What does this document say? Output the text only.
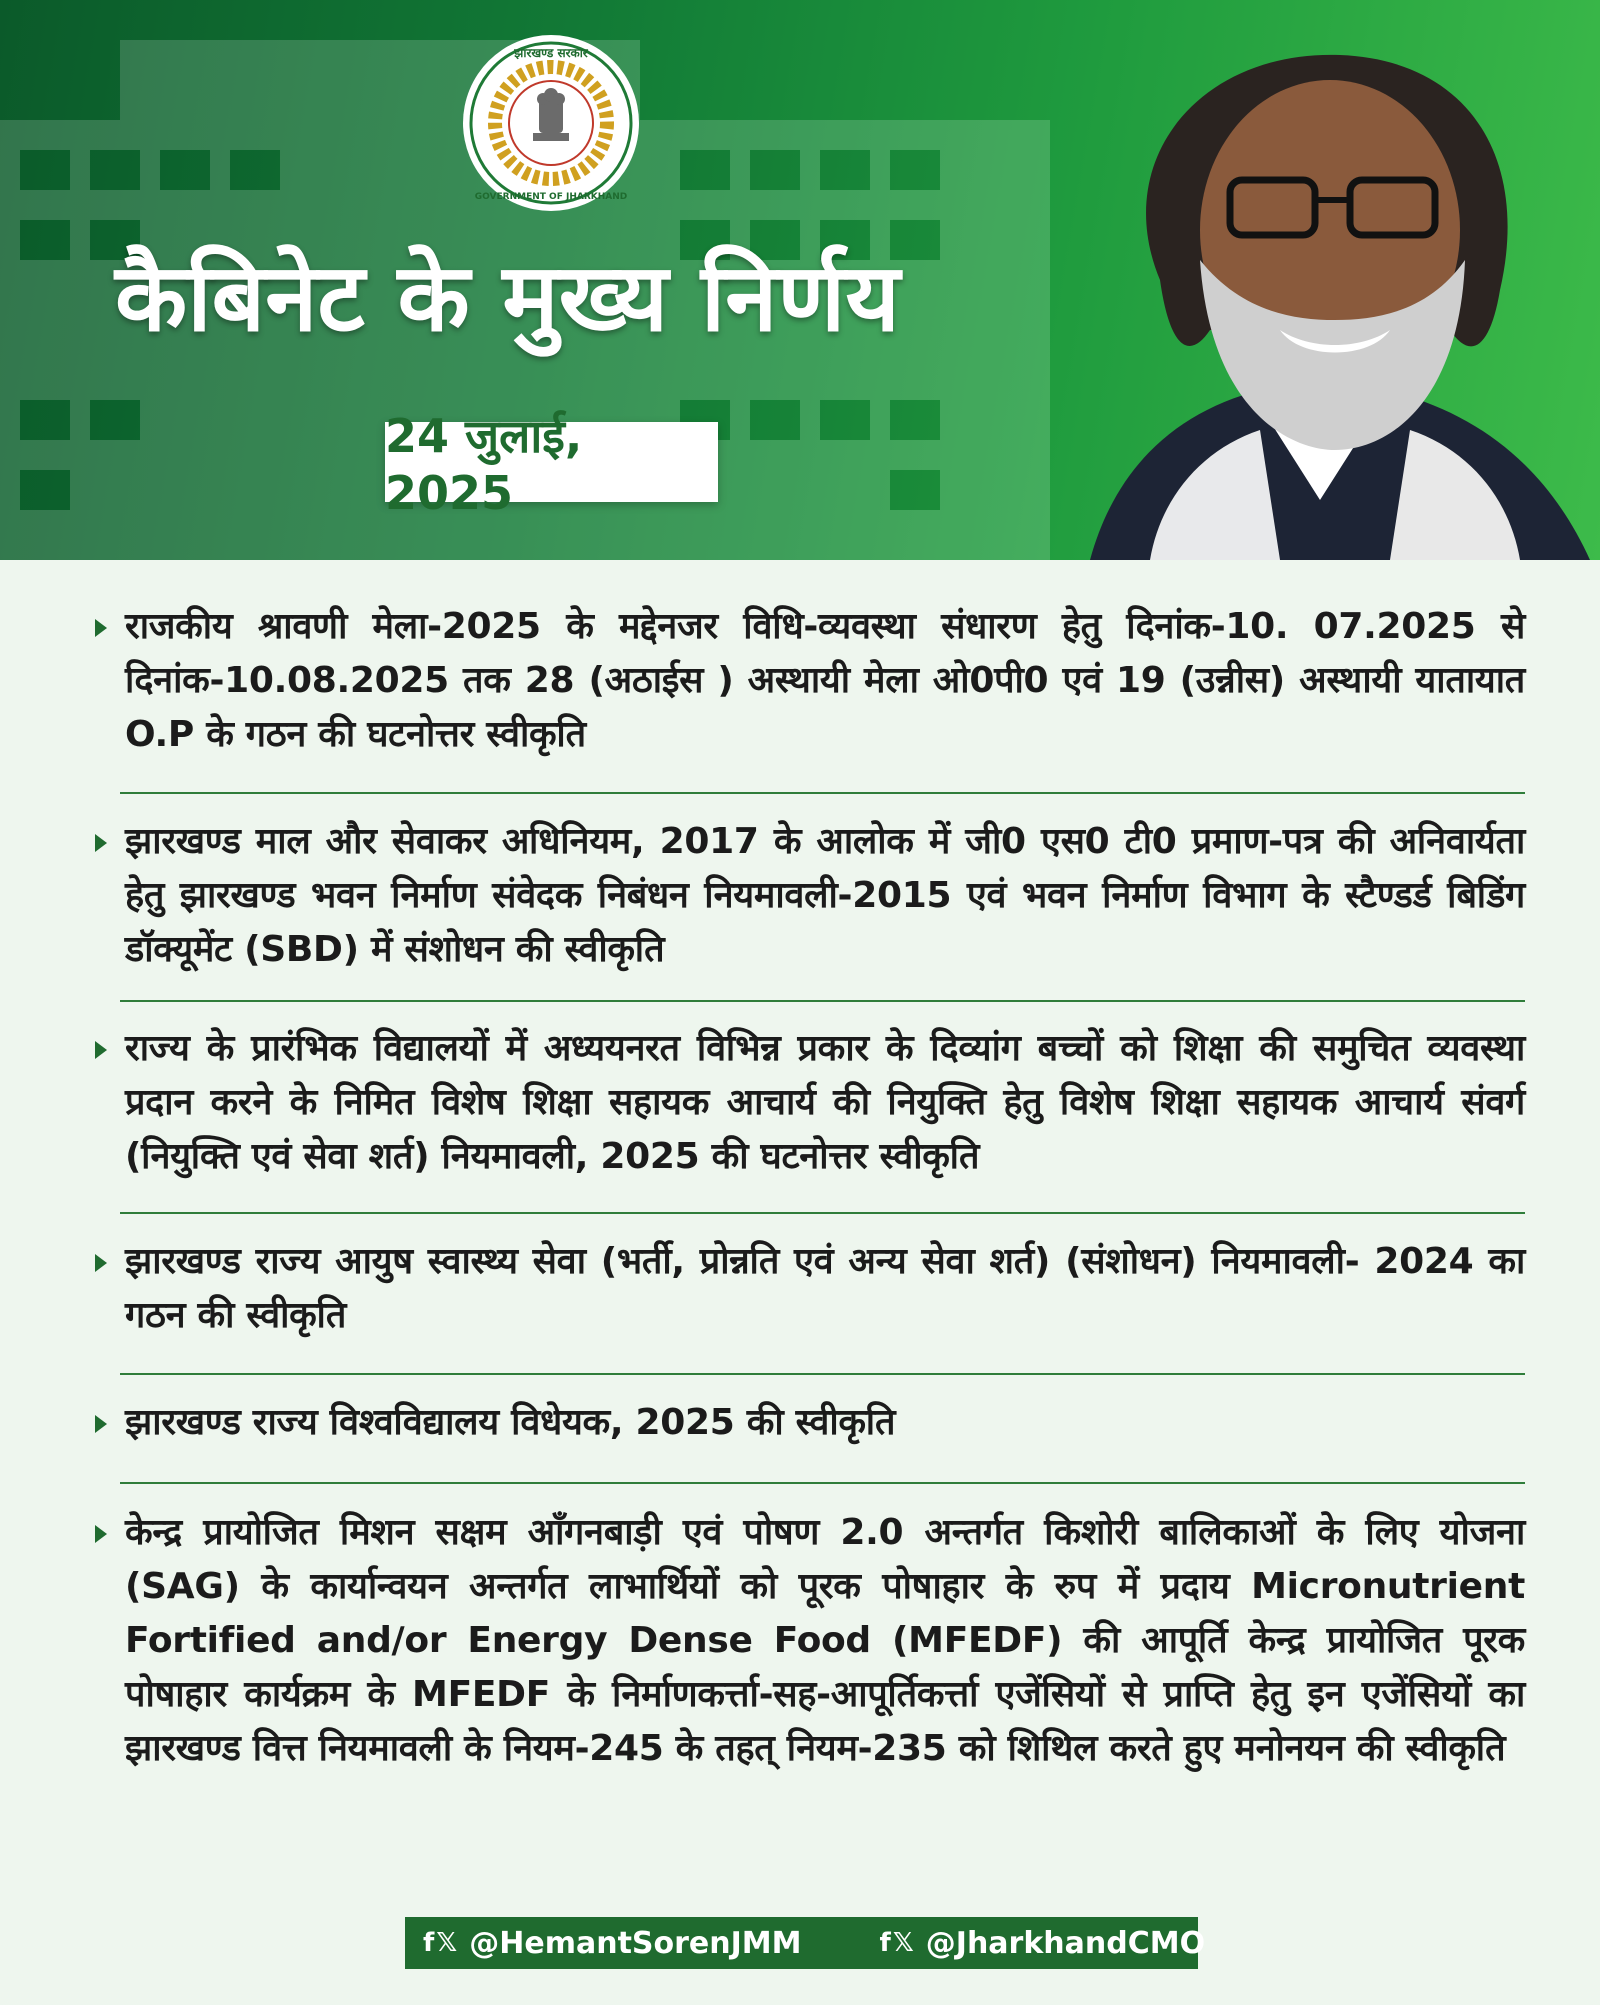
झारखण्ड सरकार
GOVERNMENT OF JHARKHAND
कैबिनेट के मुख्य निर्णय
24 जुलाई, 2025
राजकीय श्रावणी मेला-2025 के मद्देनजर विधि-व्यवस्था संधारण हेतु दिनांक-10. 07.2025 से दिनांक-10.08.2025 तक 28 (अठाईस ) अस्थायी मेला ओ0पी0 एवं 19 (उन्नीस) अस्थायी यातायात O.P के गठन की घटनोत्तर स्वीकृति
झारखण्ड माल और सेवाकर अधिनियम, 2017 के आलोक में जी0 एस0 टी0 प्रमाण-पत्र की अनिवार्यता हेतु झारखण्ड भवन निर्माण संवेदक निबंधन नियमावली-2015 एवं भवन निर्माण विभाग के स्टैण्डर्ड बिडिंग डॉक्यूमेंट (SBD) में संशोधन की स्वीकृति
राज्य के प्रारंभिक विद्यालयों में अध्ययनरत विभिन्न प्रकार के दिव्यांग बच्चों को शिक्षा की समुचित व्यवस्था प्रदान करने के निमित विशेष शिक्षा सहायक आचार्य की नियुक्ति हेतु विशेष शिक्षा सहायक आचार्य संवर्ग (नियुक्ति एवं सेवा शर्त) नियमावली, 2025 की घटनोत्तर स्वीकृति
झारखण्ड राज्य आयुष स्वास्थ्य सेवा (भर्ती, प्रोन्नति एवं अन्य सेवा शर्त) (संशोधन) नियमावली- 2024 का गठन की स्वीकृति
झारखण्ड राज्य विश्वविद्यालय विधेयक, 2025 की स्वीकृति
केन्द्र प्रायोजित मिशन सक्षम आँगनबाड़ी एवं पोषण 2.0 अन्तर्गत किशोरी बालिकाओं के लिए योजना (SAG) के कार्यान्वयन अन्तर्गत लाभार्थियों को पूरक पोषाहार के रुप में प्रदाय Micronutrient Fortified and/or Energy Dense Food (MFEDF) की आपूर्ति केन्द्र प्रायोजित पूरक पोषाहार कार्यक्रम के MFEDF के निर्माणकर्त्ता-सह-आपूर्तिकर्त्ता एजेंसियों से प्राप्ति हेतु इन एजेंसियों का झारखण्ड वित्त नियमावली के नियम-245 के तहत् नियम-235 को शिथिल करते हुए मनोनयन की स्वीकृति
f𝕏 @HemantSorenJMM	f𝕏 @JharkhandCMO
